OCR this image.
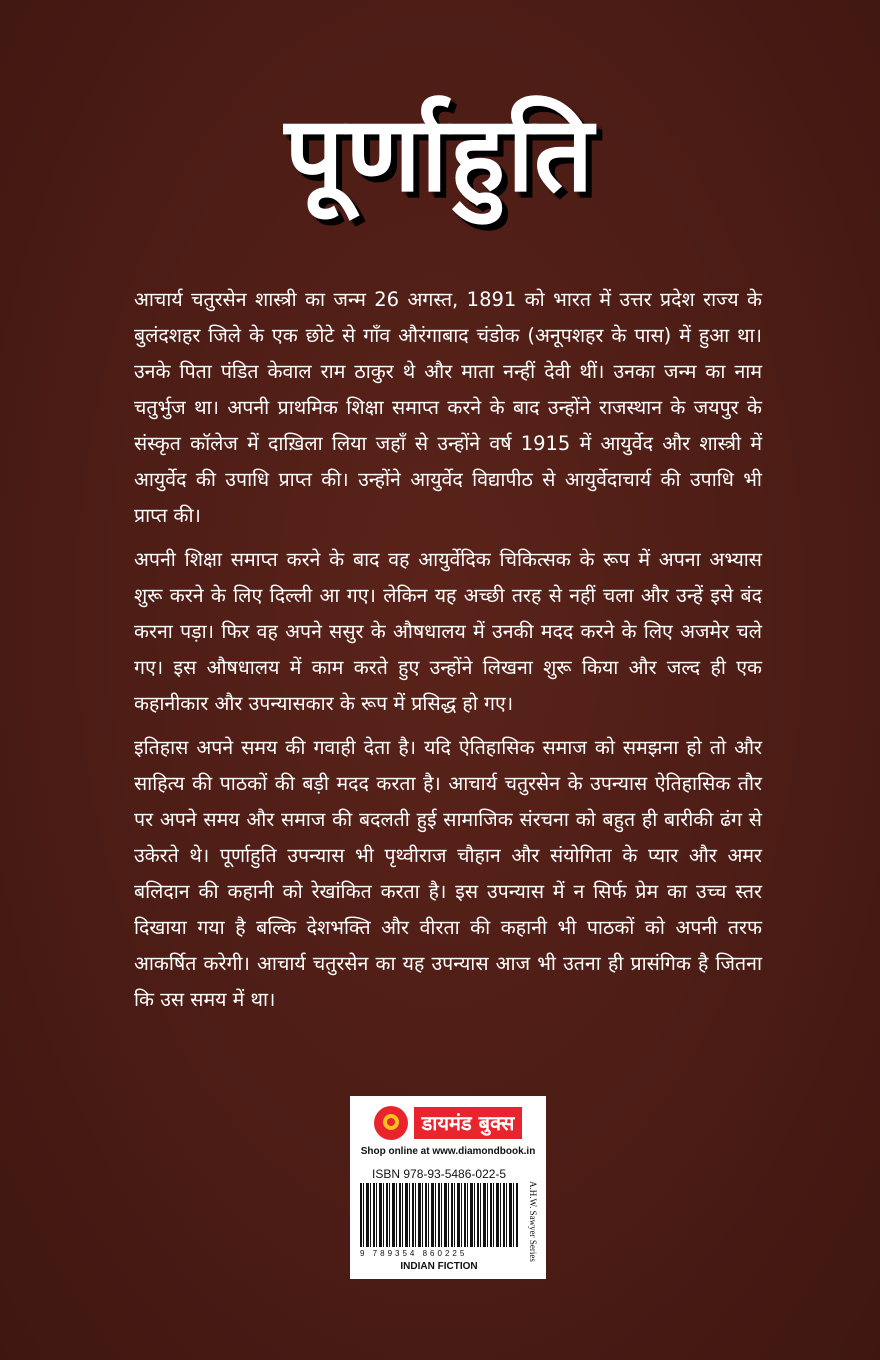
पूर्णाहुति

आचार्य चतुरसेन शास्त्री का जन्म 26 अगस्त, 1891 को भारत में उत्तर प्रदेश राज्य के बुलंदशहर जिले के एक छोटे से गाँव औरंगाबाद चंडोक (अनूपशहर के पास) में हुआ था। उनके पिता पंडित केवाल राम ठाकुर थे और माता नन्हीं देवी थीं। उनका जन्म का नाम चतुर्भुज था। अपनी प्राथमिक शिक्षा समाप्त करने के बाद उन्होंने राजस्थान के जयपुर के संस्कृत कॉलेज में दाख़िला लिया जहाँ से उन्होंने वर्ष 1915 में आयुर्वेद और शास्त्री में आयुर्वेद की उपाधि प्राप्त की। उन्होंने आयुर्वेद विद्यापीठ से आयुर्वेदाचार्य की उपाधि भी प्राप्त की।

अपनी शिक्षा समाप्त करने के बाद वह आयुर्वेदिक चिकित्सक के रूप में अपना अभ्यास शुरू करने के लिए दिल्ली आ गए। लेकिन यह अच्छी तरह से नहीं चला और उन्हें इसे बंद करना पड़ा। फिर वह अपने ससुर के औषधालय में उनकी मदद करने के लिए अजमेर चले गए। इस औषधालय में काम करते हुए उन्होंने लिखना शुरू किया और जल्द ही एक कहानीकार और उपन्यासकार के रूप में प्रसिद्ध हो गए।

इतिहास अपने समय की गवाही देता है। यदि ऐतिहासिक समाज को समझना हो तो और साहित्य की पाठकों की बड़ी मदद करता है। आचार्य चतुरसेन के उपन्यास ऐतिहासिक तौर पर अपने समय और समाज की बदलती हुई सामाजिक संरचना को बहुत ही बारीकी ढंग से उकेरते थे। पूर्णाहुति उपन्यास भी पृथ्वीराज चौहान और संयोगिता के प्यार और अमर बलिदान की कहानी को रेखांकित करता है। इस उपन्यास में न सिर्फ प्रेम का उच्च स्तर दिखाया गया है बल्कि देशभक्ति और वीरता की कहानी भी पाठकों को अपनी तरफ आकर्षित करेगी। आचार्य चतुरसेन का यह उपन्यास आज भी उतना ही प्रासंगिक है जितना कि उस समय में था।

डायमंड बुक्स
Shop online at www.diamondbook.in
ISBN 978-93-5486-022-5
9 789354 860225
INDIAN FICTION
A.H.W. Sawyer Series
